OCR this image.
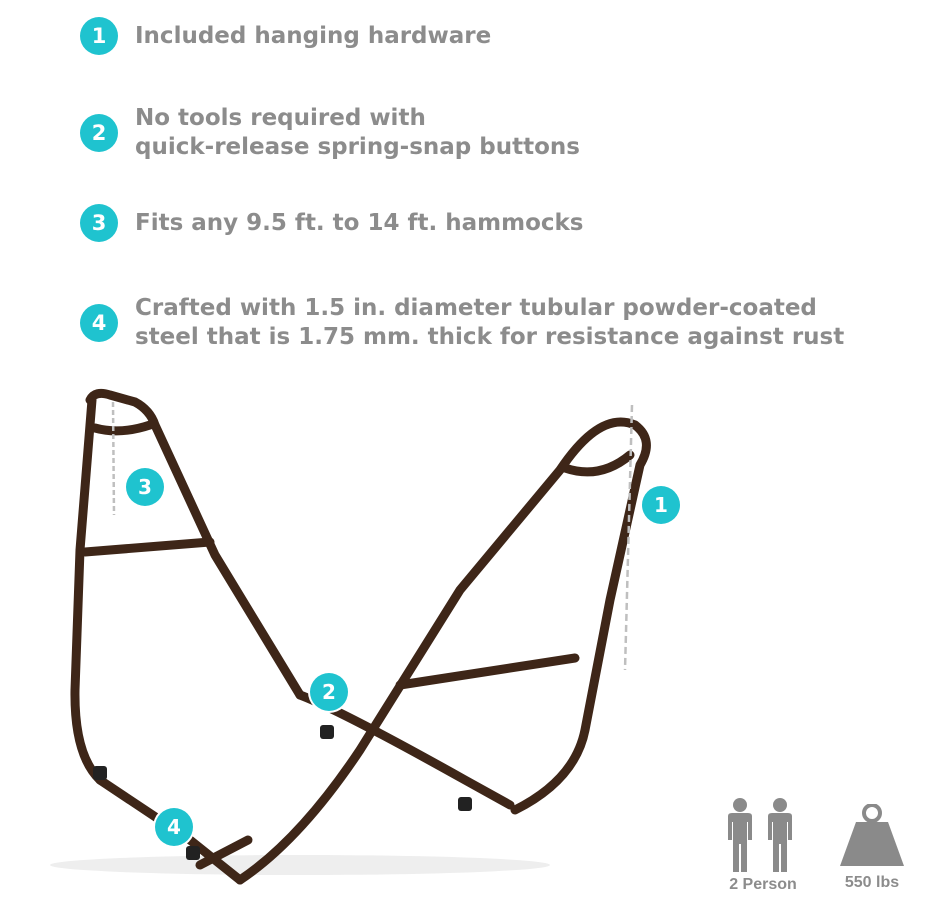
1	Included hanging hardware
2
No tools required with
quick-release spring-snap buttons
3	Fits any 9.5 ft. to 14 ft. hammocks
4
Crafted with 1.5 in. diameter tubular powder-coated
steel that is 1.75 mm. thick for resistance against rust
3
1
2
4
2 Person	550 lbs
